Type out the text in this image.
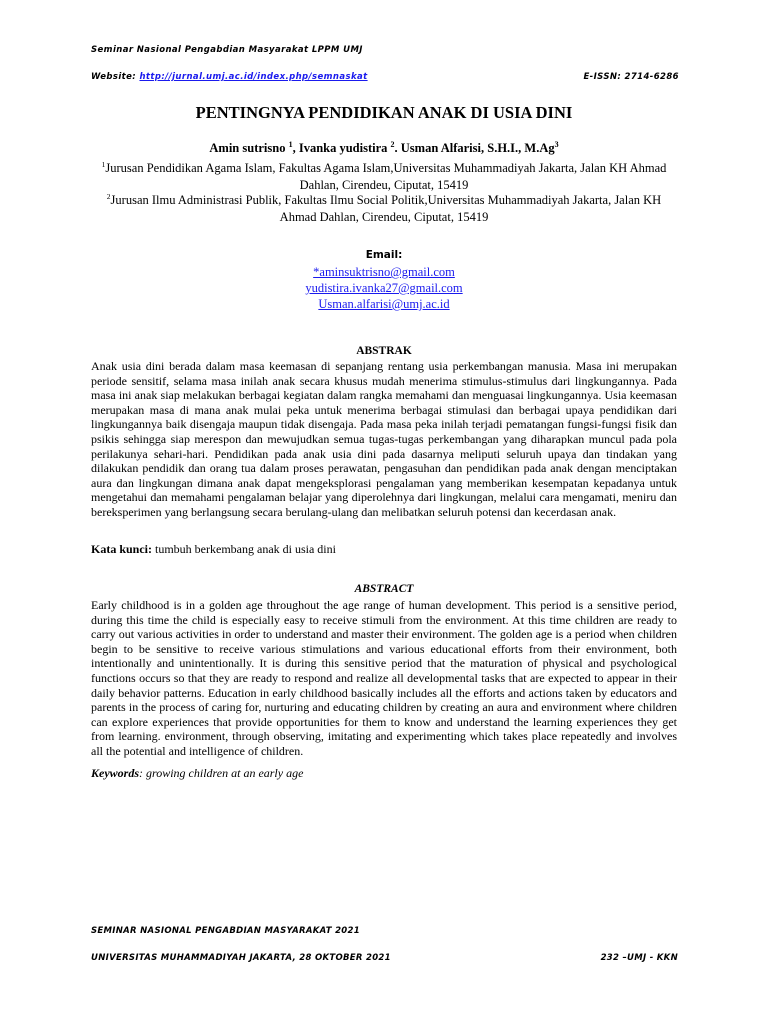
Seminar Nasional Pengabdian Masyarakat LPPM UMJ
Website: http://jurnal.umj.ac.id/index.php/semnaskat	E-ISSN: 2714-6286
PENTINGNYA PENDIDIKAN ANAK DI USIA DINI
Amin sutrisno $^1$, Ivanka yudistira $^2$. Usman Alfarisi, S.H.I., M.Ag$^3$
$^1$Jurusan Pendidikan Agama Islam, Fakultas Agama Islam,Universitas Muhammadiyah Jakarta, Jalan KH Ahmad Dahlan, Cirendeu, Ciputat, 15419
$^2$Jurusan Ilmu Administrasi Publik, Fakultas Ilmu Social Politik,Universitas Muhammadiyah Jakarta, Jalan KH Ahmad Dahlan, Cirendeu, Ciputat, 15419
Email:
*aminsuktrisno@gmail.com
yudistira.ivanka27@gmail.com
Usman.alfarisi@umj.ac.id
ABSTRAK
Anak usia dini berada dalam masa keemasan di sepanjang rentang usia perkembangan manusia. Masa ini merupakan periode sensitif, selama masa inilah anak secara khusus mudah menerima stimulus-stimulus dari lingkungannya. Pada masa ini anak siap melakukan berbagai kegiatan dalam rangka memahami dan menguasai lingkungannya. Usia keemasan merupakan masa di mana anak mulai peka untuk menerima berbagai stimulasi dan berbagai upaya pendidikan dari lingkungannya baik disengaja maupun tidak disengaja. Pada masa peka inilah terjadi pematangan fungsi-fungsi fisik dan psikis sehingga siap merespon dan mewujudkan semua tugas-tugas perkembangan yang diharapkan muncul pada pola perilakunya sehari-hari. Pendidikan pada anak usia dini pada dasarnya meliputi seluruh upaya dan tindakan yang dilakukan pendidik dan orang tua dalam proses perawatan, pengasuhan dan pendidikan pada anak dengan menciptakan aura dan lingkungan dimana anak dapat mengeksplorasi pengalaman yang memberikan kesempatan kepadanya untuk mengetahui dan memahami pengalaman belajar yang diperolehnya dari lingkungan, melalui cara mengamati, meniru dan bereksperimen yang berlangsung secara berulang-ulang dan melibatkan seluruh potensi dan kecerdasan anak.
Kata kunci: tumbuh berkembang anak di usia dini
ABSTRACT
Early childhood is in a golden age throughout the age range of human development. This period is a sensitive period, during this time the child is especially easy to receive stimuli from the environment. At this time children are ready to carry out various activities in order to understand and master their environment. The golden age is a period when children begin to be sensitive to receive various stimulations and various educational efforts from their environment, both intentionally and unintentionally. It is during this sensitive period that the maturation of physical and psychological functions occurs so that they are ready to respond and realize all developmental tasks that are expected to appear in their daily behavior patterns. Education in early childhood basically includes all the efforts and actions taken by educators and parents in the process of caring for, nurturing and educating children by creating an aura and environment where children can explore experiences that provide opportunities for them to know and understand the learning experiences they get from learning. environment, through observing, imitating and experimenting which takes place repeatedly and involves all the potential and intelligence of children.
Keywords: growing children at an early age
SEMINAR NASIONAL PENGABDIAN MASYARAKAT 2021
UNIVERSITAS MUHAMMADIYAH JAKARTA, 28 OKTOBER 2021	232 –UMJ - KKN
